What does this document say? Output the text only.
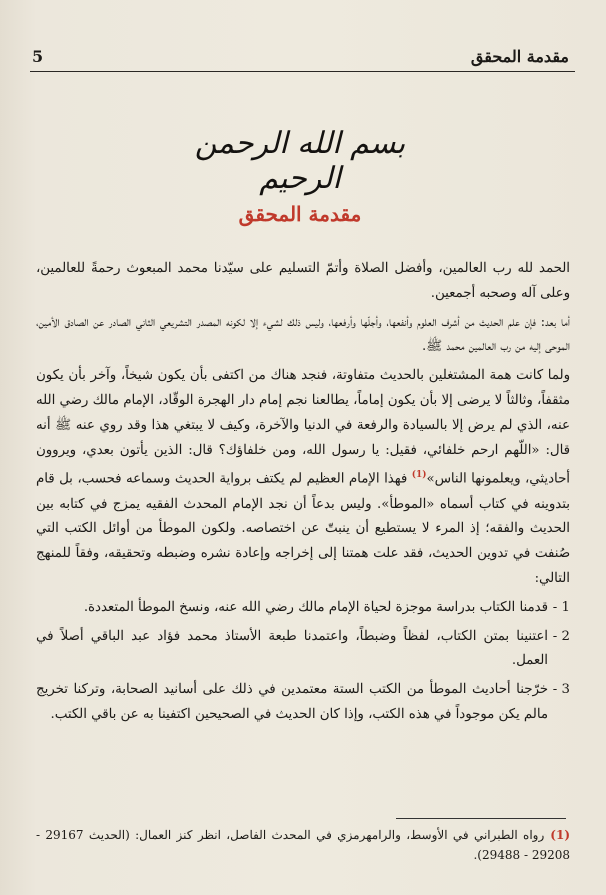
مقدمة المحقق
5
بسم الله الرحمن الرحيم
مقدمة المحقق

الحمد لله رب العالمين، وأفضل الصلاة وأتمّ التسليم على سيّدنا محمد المبعوث رحمةً للعالمين، وعلى آله وصحبه أجمعين.

أما بعد: فإن علم الحديث من أشرف العلوم وأنفعها، وأجلّها وأرفعها، وليس ذلك لشيء إلا لكونه المصدر التشريعي الثاني الصادر عن الصادق الأمين، الموحى إليه من رب العالمين محمد ﷺ.

ولما كانت همة المشتغلين بالحديث متفاوتة، فنجد هناك من اكتفى بأن يكون شيخاً، وآخر بأن يكون مثقفاً، وثالثاً لا يرضى إلا بأن يكون إماماً، يطالعنا نجم إمام دار الهجرة الوقّاد، الإمام مالك رضي الله عنه، الذي لم يرض إلا بالسيادة والرفعة في الدنيا والآخرة، وكيف لا يبتغي هذا وقد روي عنه ﷺ أنه قال: «اللّهم ارحم خلفائي، فقيل: يا رسول الله، ومن خلفاؤك؟ قال: الذين يأتون بعدي، ويروون أحاديثي، ويعلمونها الناس»$^{(1)}$ فهذا الإمام العظيم لم يكتف برواية الحديث وسماعه فحسب، بل قام بتدوينه في كتاب أسماه «الموطأ». وليس بدعاً أن نجد الإمام المحدث الفقيه يمزج في كتابه بين الحديث والفقه؛ إذ المرء لا يستطيع أن ينبتّ عن اختصاصه. ولكون الموطأ من أوائل الكتب التي صُنفت في تدوين الحديث، فقد علت همتنا إلى إخراجه وإعادة نشره وضبطه وتحقيقه، وفقاً للمنهج التالي:

1 -
قدمنا الكتاب بدراسة موجزة لحياة الإمام مالك رضي الله عنه، ونسخ الموطأ المتعددة.
2 -
اعتنينا بمتن الكتاب، لفظاً وضبطاً، واعتمدنا طبعة الأستاذ محمد فؤاد عبد الباقي أصلاً في العمل.
3 -
خرّجنا أحاديث الموطأ من الكتب الستة معتمدين في ذلك على أسانيد الصحابة، وتركنا تخريج مالم يكن موجوداً في هذه الكتب، وإذا كان الحديث في الصحيحين اكتفينا به عن باقي الكتب.
(1)رواه الطبراني في الأوسط، والرامهرمزي في المحدث الفاصل، انظر كنز العمال: (الحديث 29167 - 29208 - 29488).
